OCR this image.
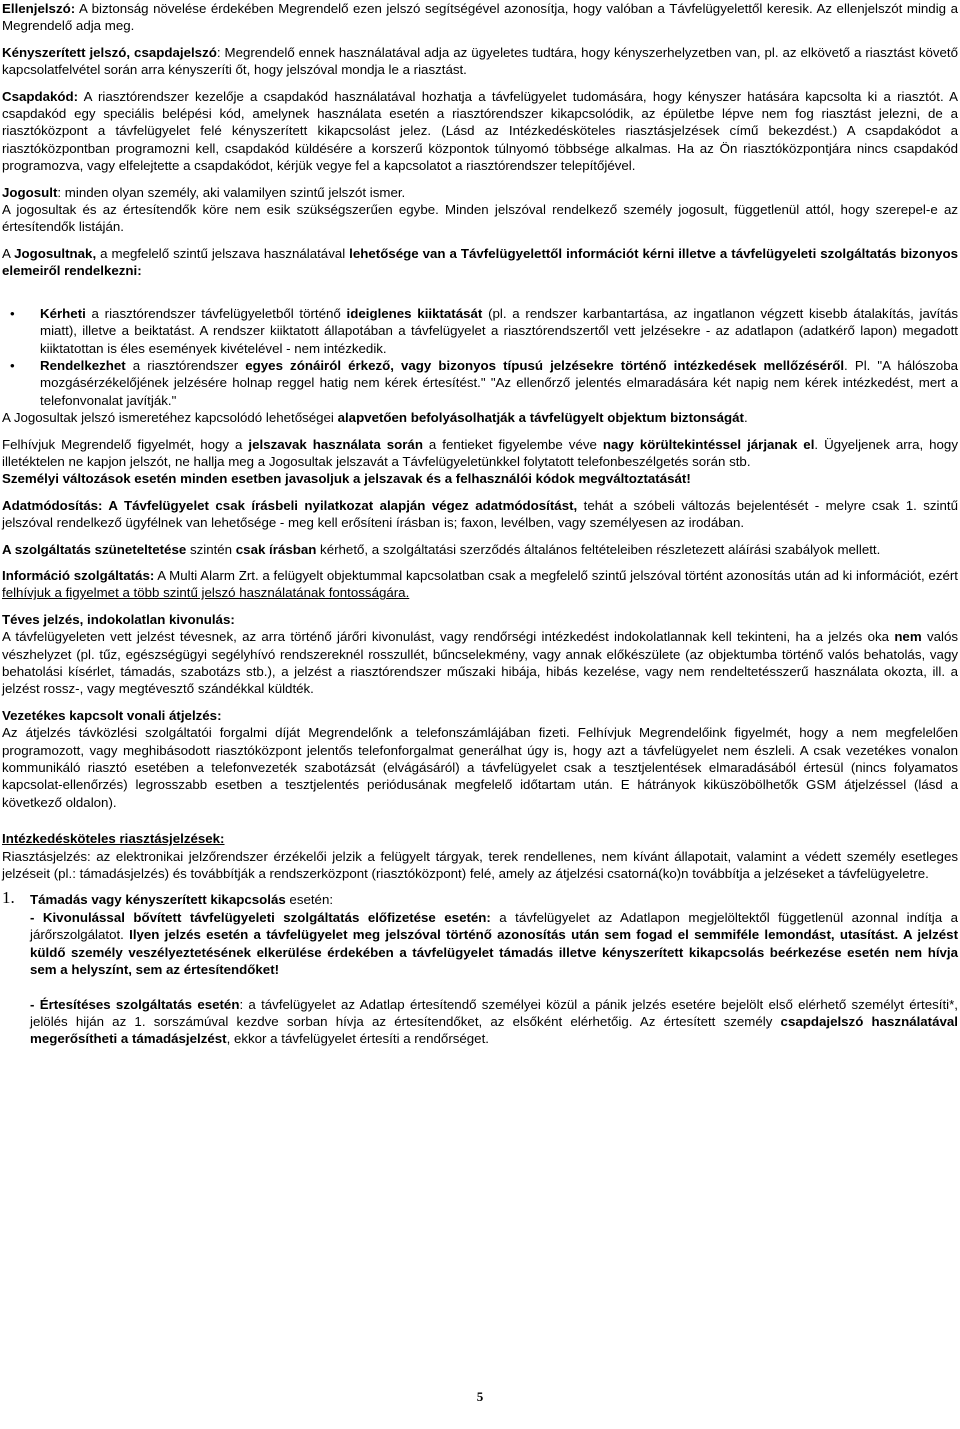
Ellenjelszó: A biztonság növelése érdekében Megrendelő ezen jelszó segítségével azonosítja, hogy valóban a Távfelügyelettől keresik. Az ellenjelszót mindig a Megrendelő adja meg.

Kényszerített jelszó, csapdajelszó: Megrendelő ennek használatával adja az ügyeletes tudtára, hogy kényszerhelyzetben van, pl. az elkövető a riasztást követő kapcsolatfelvétel során arra kényszeríti őt, hogy jelszóval mondja le a riasztást.

Csapdakód: A riasztórendszer kezelője a csapdakód használatával hozhatja a távfelügyelet tudomására, hogy kényszer hatására kapcsolta ki a riasztót. A csapdakód egy speciális belépési kód, amelynek használata esetén a riasztórendszer kikapcsolódik, az épületbe lépve nem fog riasztást jelezni, de a riasztóközpont a távfelügyelet felé kényszerített kikapcsolást jelez. (Lásd az Intézkedésköteles riasztásjelzések című bekezdést.) A csapdakódot a riasztóközpontban programozni kell, csapdakód küldésére a korszerű központok túlnyomó többsége alkalmas. Ha az Ön riasztóközpontjára nincs csapdakód programozva, vagy elfelejtette a csapdakódot, kérjük vegye fel a kapcsolatot a riasztórendszer telepítőjével.

Jogosult: minden olyan személy, aki valamilyen szintű jelszót ismer.

A jogosultak és az értesítendők köre nem esik szükségszerűen egybe. Minden jelszóval rendelkező személy jogosult, függetlenül attól, hogy szerepel-e az értesítendők listáján.

A Jogosultnak, a megfelelő szintű jelszava használatával lehetősége van a Távfelügyelettől információt kérni illetve a távfelügyeleti szolgáltatás bizonyos elemeiről rendelkezni:

• Kérheti a riasztórendszer távfelügyeletből történő ideiglenes kiiktatását (pl. a rendszer karbantartása, az ingatlanon végzett kisebb átalakítás, javítás miatt), illetve a beiktatást. A rendszer kiiktatott állapotában a távfelügyelet a riasztórendszertől vett jelzésekre - az adatlapon (adatkérő lapon) megadott kiiktatottan is éles események kivételével - nem intézkedik.
• Rendelkezhet a riasztórendszer egyes zónáiról érkező, vagy bizonyos típusú jelzésekre történő intézkedések mellőzéséről. Pl. "A hálószoba mozgásérzékelőjének jelzésére holnap reggel hatig nem kérek értesítést." "Az ellenőrző jelentés elmaradására két napig nem kérek intézkedést, mert a telefonvonalat javítják."

A Jogosultak jelszó ismeretéhez kapcsolódó lehetőségei alapvetően befolyásolhatják a távfelügyelt objektum biztonságát.

Felhívjuk Megrendelő figyelmét, hogy a jelszavak használata során a fentieket figyelembe véve nagy körültekintéssel járjanak el. Ügyeljenek arra, hogy illetéktelen ne kapjon jelszót, ne hallja meg a Jogosultak jelszavát a Távfelügyeletünkkel folytatott telefonbeszélgetés során stb.

Személyi változások esetén minden esetben javasoljuk a jelszavak és a felhasználói kódok megváltoztatását!

Adatmódosítás: A Távfelügyelet csak írásbeli nyilatkozat alapján végez adatmódosítást, tehát a szóbeli változás bejelentését - melyre csak 1. szintű jelszóval rendelkező ügyfélnek van lehetősége - meg kell erősíteni írásban is; faxon, levélben, vagy személyesen az irodában.

A szolgáltatás szüneteltetése szintén csak írásban kérhető, a szolgáltatási szerződés általános feltételeiben részletezett aláírási szabályok mellett.

Információ szolgáltatás: A Multi Alarm Zrt. a felügyelt objektummal kapcsolatban csak a megfelelő szintű jelszóval történt azonosítás után ad ki információt, ezért felhívjuk a figyelmet a több szintű jelszó használatának fontosságára.

Téves jelzés, indokolatlan kivonulás:

A távfelügyeleten vett jelzést tévesnek, az arra történő járőri kivonulást, vagy rendőrségi intézkedést indokolatlannak kell tekinteni, ha a jelzés oka nem valós vészhelyzet (pl. tűz, egészségügyi segélyhívó rendszereknél rosszullét, bűncselekmény, vagy annak előkészülete (az objektumba történő valós behatolás, vagy behatolási kísérlet, támadás, szabotázs stb.), a jelzést a riasztórendszer műszaki hibája, hibás kezelése, vagy nem rendeltetésszerű használata okozta, ill. a jelzést rossz-, vagy megtévesztő szándékkal küldték.

Vezetékes kapcsolt vonali átjelzés:

Az átjelzés távközlési szolgáltatói forgalmi díját Megrendelőnk a telefonszámlájában fizeti. Felhívjuk Megrendelőink figyelmét, hogy a nem megfelelően programozott, vagy meghibásodott riasztóközpont jelentős telefonforgalmat generálhat úgy is, hogy azt a távfelügyelet nem észleli. A csak vezetékes vonalon kommunikáló riasztó esetében a telefonvezeték szabotázsát (elvágásáról) a távfelügyelet csak a tesztjelentések elmaradásából értesül (nincs folyamatos kapcsolat-ellenőrzés) legrosszabb esetben a tesztjelentés periódusának megfelelő időtartam után. E hátrányok kiküszöbölhetők GSM átjelzéssel (lásd a következő oldalon).

Intézkedésköteles riasztásjelzések:

Riasztásjelzés: az elektronikai jelzőrendszer érzékelői jelzik a felügyelt tárgyak, terek rendellenes, nem kívánt állapotait, valamint a védett személy esetleges jelzéseit (pl.: támadásjelzés) és továbbítják a rendszerközpont (riasztóközpont) felé, amely az átjelzési csatorná(ko)n továbbítja a jelzéseket a távfelügyeletre.

1. Támadás vagy kényszerített kikapcsolás esetén:

- Kivonulással bővített távfelügyeleti szolgáltatás előfizetése esetén: a távfelügyelet az Adatlapon megjelöltektől függetlenül azonnal indítja a járőrszolgálatot. Ilyen jelzés esetén a távfelügyelet meg jelszóval történő azonosítás után sem fogad el semmiféle lemondást, utasítást. A jelzést küldő személy veszélyeztetésének elkerülése érdekében a távfelügyelet támadás illetve kényszerített kikapcsolás beérkezése esetén nem hívja sem a helyszínt, sem az értesítendőket!

- Értesítéses szolgáltatás esetén: a távfelügyelet az Adatlap értesítendő személyei közül a pánik jelzés esetére bejelölt első elérhető személyt értesíti*, jelölés hiján az 1. sorszámúval kezdve sorban hívja az értesítendőket, az elsőként elérhetőig. Az értesített személy csapdajelszó használatával megerősítheti a támadásjelzést, ekkor a távfelügyelet értesíti a rendőrséget.

5
